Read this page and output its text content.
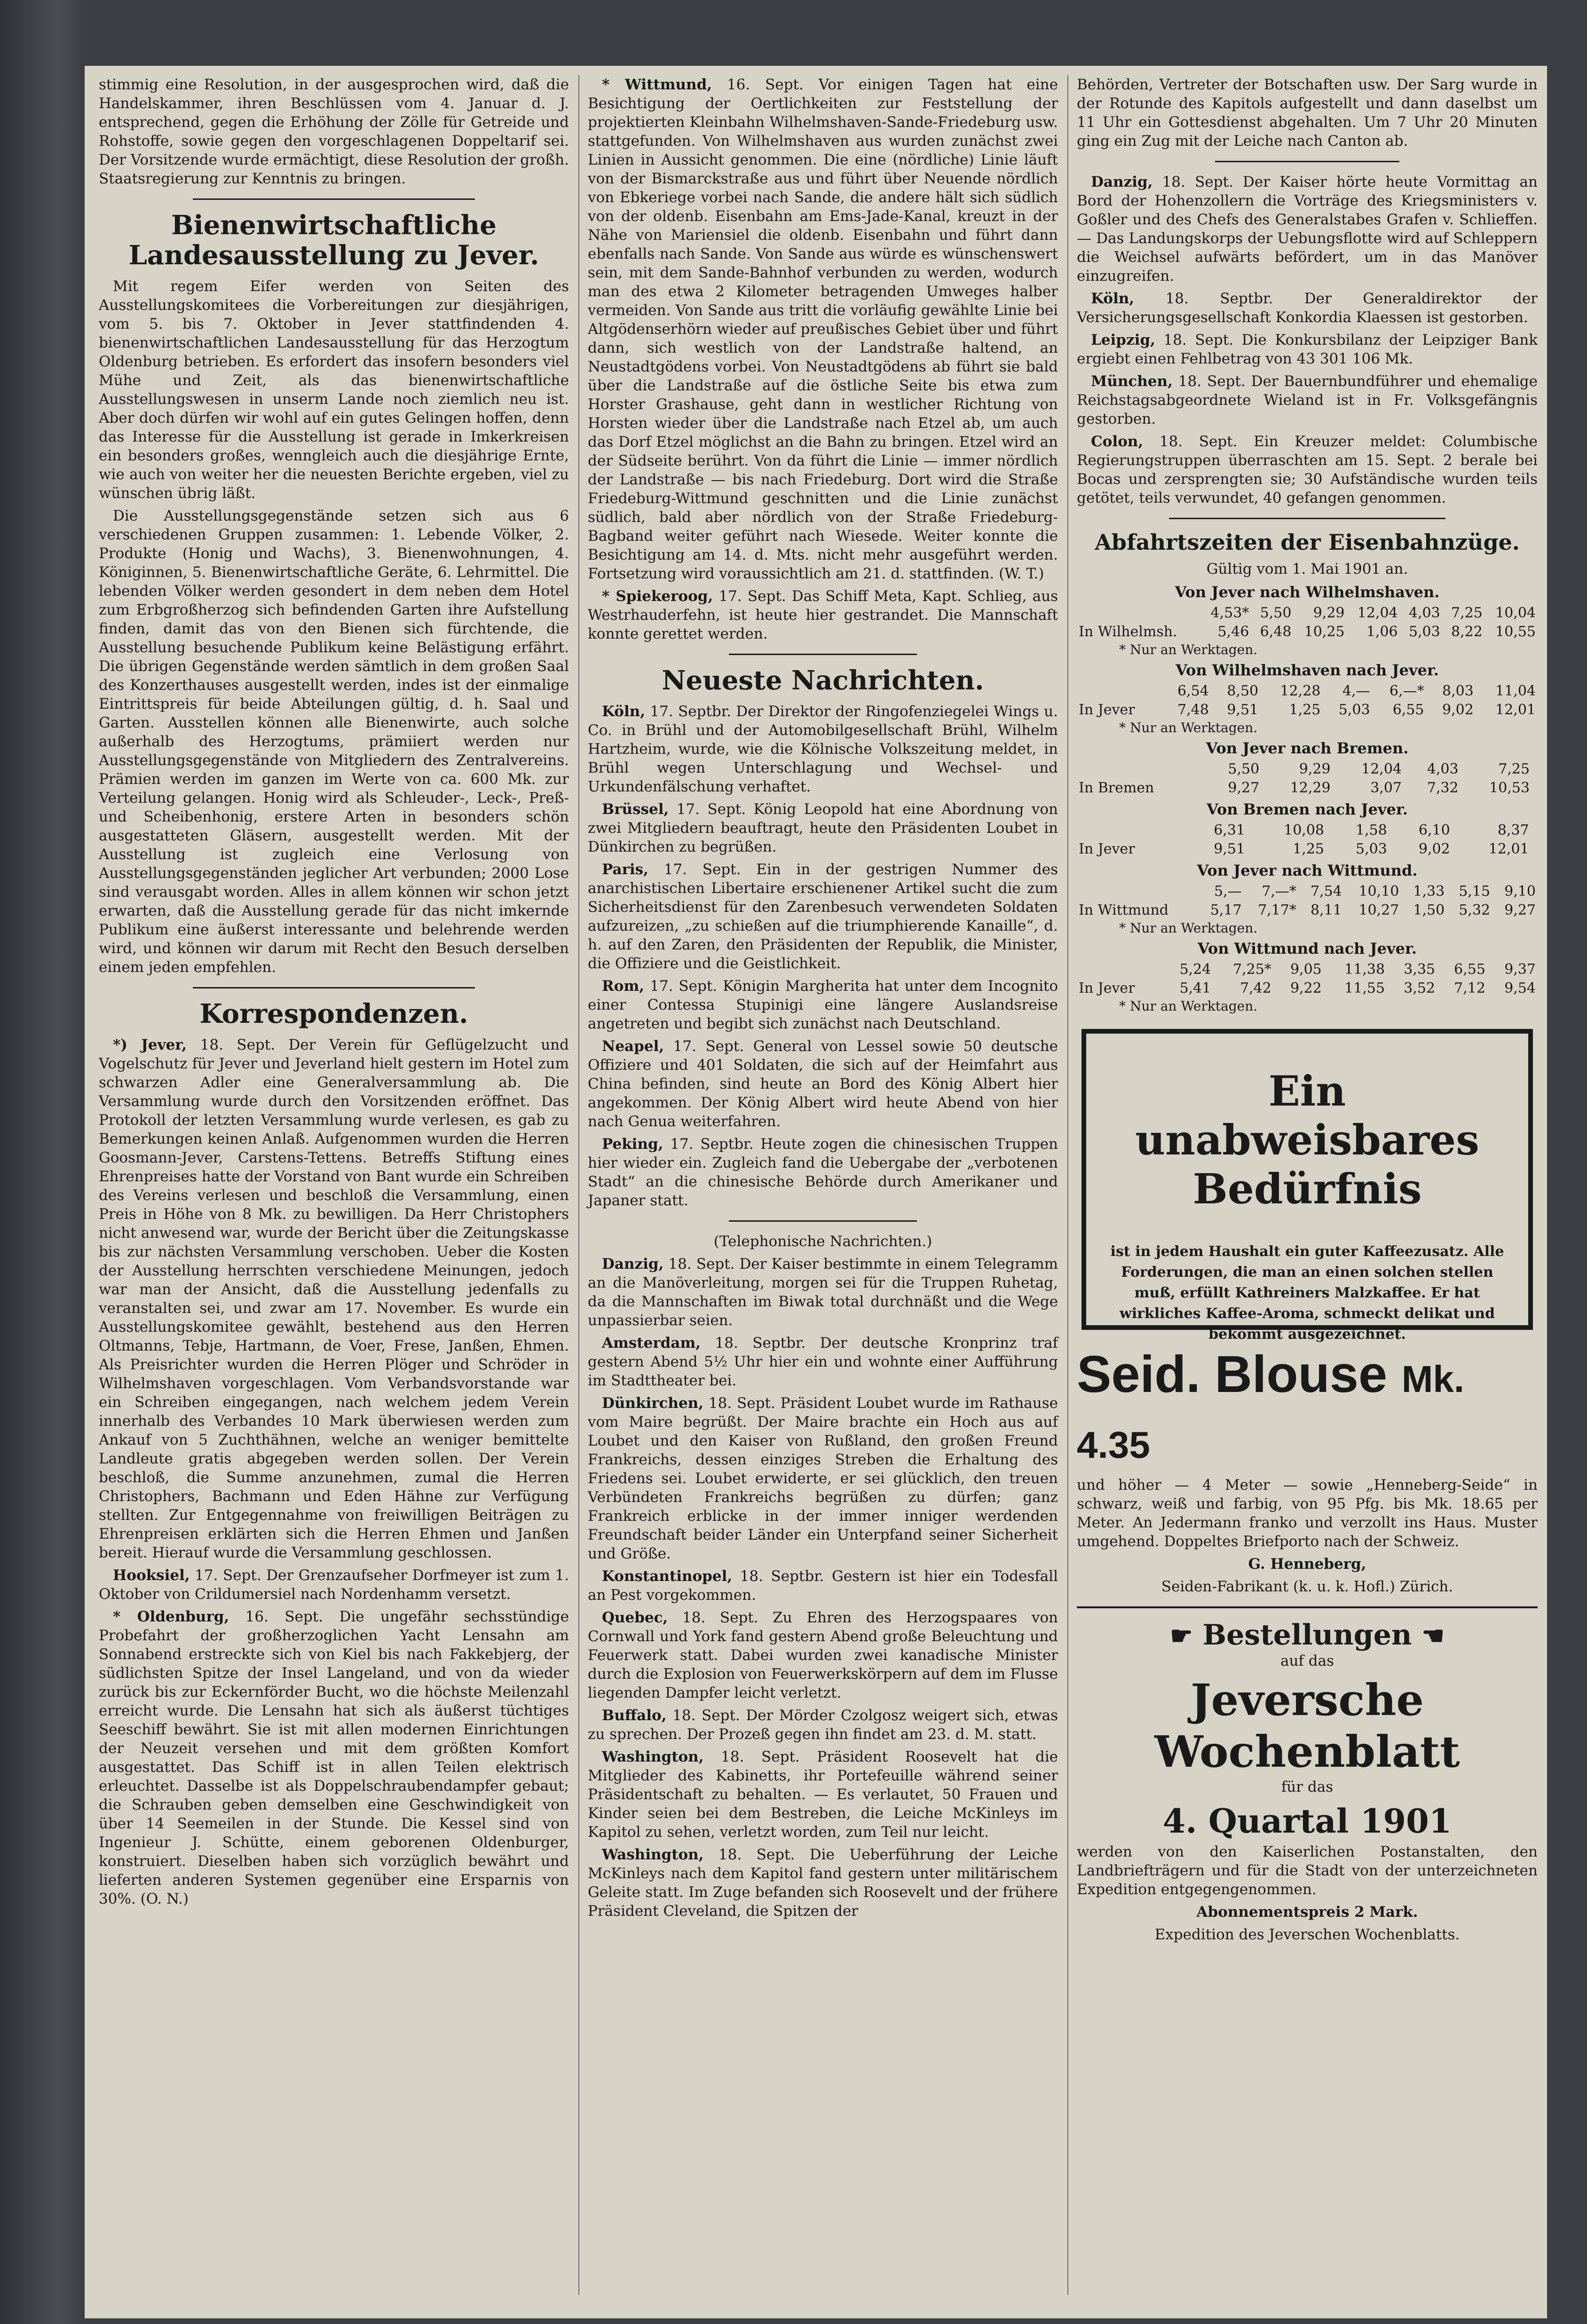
stimmig eine Resolution, in der ausgesprochen wird, daß die Handelskammer, ihren Beschlüssen vom 4. Januar d. J. entsprechend, gegen die Erhöhung der Zölle für Getreide und Rohstoffe, sowie gegen den vorgeschlagenen Doppeltarif sei. Der Vorsitzende wurde ermächtigt, diese Resolution der großh. Staatsregierung zur Kenntnis zu bringen.

Bienenwirtschaftliche Landesausstellung zu Jever.

Mit regem Eifer werden von Seiten des Ausstellungskomitees die Vorbereitungen zur diesjährigen, vom 5. bis 7. Oktober in Jever stattfindenden 4. bienenwirtschaftlichen Landesausstellung für das Herzogtum Oldenburg betrieben. Es erfordert das insofern besonders viel Mühe und Zeit, als das bienenwirtschaftliche Ausstellungswesen in unserm Lande noch ziemlich neu ist. Aber doch dürfen wir wohl auf ein gutes Gelingen hoffen, denn das Interesse für die Ausstellung ist gerade in Imkerkreisen ein besonders großes, wenngleich auch die diesjährige Ernte, wie auch von weiter her die neuesten Berichte ergeben, viel zu wünschen übrig läßt.

Die Ausstellungsgegenstände setzen sich aus 6 verschiedenen Gruppen zusammen: 1. Lebende Völker, 2. Produkte (Honig und Wachs), 3. Bienenwohnungen, 4. Königinnen, 5. Bienenwirtschaftliche Geräte, 6. Lehrmittel. Die lebenden Völker werden gesondert in dem neben dem Hotel zum Erbgroßherzog sich befindenden Garten ihre Aufstellung finden, damit das von den Bienen sich fürchtende, die Ausstellung besuchende Publikum keine Belästigung erfährt. Die übrigen Gegenstände werden sämtlich in dem großen Saal des Konzerthauses ausgestellt werden, indes ist der einmalige Eintrittspreis für beide Abteilungen gültig, d. h. Saal und Garten. Ausstellen können alle Bienenwirte, auch solche außerhalb des Herzogtums, prämiiert werden nur Ausstellungsgegenstände von Mitgliedern des Zentralvereins. Prämien werden im ganzen im Werte von ca. 600 Mk. zur Verteilung gelangen. Honig wird als Schleuder-, Leck-, Preß- und Scheibenhonig, erstere Arten in besonders schön ausgestatteten Gläsern, ausgestellt werden. Mit der Ausstellung ist zugleich eine Verlosung von Ausstellungsgegenständen jeglicher Art verbunden; 2000 Lose sind verausgabt worden. Alles in allem können wir schon jetzt erwarten, daß die Ausstellung gerade für das nicht imkernde Publikum eine äußerst interessante und belehrende werden wird, und können wir darum mit Recht den Besuch derselben einem jeden empfehlen.

Korrespondenzen.

*) Jever, 18. Sept. Der Verein für Geflügelzucht und Vogelschutz für Jever und Jeverland hielt gestern im Hotel zum schwarzen Adler eine Generalversammlung ab. Die Versammlung wurde durch den Vorsitzenden eröffnet. Das Protokoll der letzten Versammlung wurde verlesen, es gab zu Bemerkungen keinen Anlaß. Aufgenommen wurden die Herren Goosmann-Jever, Carstens-Tettens. Betreffs Stiftung eines Ehrenpreises hatte der Vorstand von Bant wurde ein Schreiben des Vereins verlesen und beschloß die Versammlung, einen Preis in Höhe von 8 Mk. zu bewilligen. Da Herr Christophers nicht anwesend war, wurde der Bericht über die Zeitungskasse bis zur nächsten Versammlung verschoben. Ueber die Kosten der Ausstellung herrschten verschiedene Meinungen, jedoch war man der Ansicht, daß die Ausstellung jedenfalls zu veranstalten sei, und zwar am 17. November. Es wurde ein Ausstellungskomitee gewählt, bestehend aus den Herren Oltmanns, Tebje, Hartmann, de Voer, Frese, Janßen, Ehmen. Als Preisrichter wurden die Herren Plöger und Schröder in Wilhelmshaven vorgeschlagen. Vom Verbandsvorstande war ein Schreiben eingegangen, nach welchem jedem Verein innerhalb des Verbandes 10 Mark überwiesen werden zum Ankauf von 5 Zuchthähnen, welche an weniger bemittelte Landleute gratis abgegeben werden sollen. Der Verein beschloß, die Summe anzunehmen, zumal die Herren Christophers, Bachmann und Eden Hähne zur Verfügung stellten. Zur Entgegennahme von freiwilligen Beiträgen zu Ehrenpreisen erklärten sich die Herren Ehmen und Janßen bereit. Hierauf wurde die Versammlung geschlossen.

Hooksiel, 17. Sept. Der Grenzaufseher Dorfmeyer ist zum 1. Oktober von Crildumersiel nach Nordenhamm versetzt.

* Oldenburg, 16. Sept. Die ungefähr sechsstündige Probefahrt der großherzoglichen Yacht Lensahn am Sonnabend erstreckte sich von Kiel bis nach Fakkebjerg, der südlichsten Spitze der Insel Langeland, und von da wieder zurück bis zur Eckernförder Bucht, wo die höchste Meilenzahl erreicht wurde. Die Lensahn hat sich als äußerst tüchtiges Seeschiff bewährt. Sie ist mit allen modernen Einrichtungen der Neuzeit versehen und mit dem größten Komfort ausgestattet. Das Schiff ist in allen Teilen elektrisch erleuchtet. Dasselbe ist als Doppelschraubendampfer gebaut; die Schrauben geben demselben eine Geschwindigkeit von über 14 Seemeilen in der Stunde. Die Kessel sind von Ingenieur J. Schütte, einem geborenen Oldenburger, konstruiert. Dieselben haben sich vorzüglich bewährt und lieferten anderen Systemen gegenüber eine Ersparnis von 30%. (O. N.)

* Wittmund, 16. Sept. Vor einigen Tagen hat eine Besichtigung der Oertlichkeiten zur Feststellung der projektierten Kleinbahn Wilhelmshaven-Sande-Friedeburg usw. stattgefunden. Von Wilhelmshaven aus wurden zunächst zwei Linien in Aussicht genommen. Die eine (nördliche) Linie läuft von der Bismarckstraße aus und führt über Neuende nördlich von Ebkeriege vorbei nach Sande, die andere hält sich südlich von der oldenb. Eisenbahn am Ems-Jade-Kanal, kreuzt in der Nähe von Mariensiel die oldenb. Eisenbahn und führt dann ebenfalls nach Sande. Von Sande aus würde es wünschenswert sein, mit dem Sande-Bahnhof verbunden zu werden, wodurch man des etwa 2 Kilometer betragenden Umweges halber vermeiden. Von Sande aus tritt die vorläufig gewählte Linie bei Altgödenserhörn wieder auf preußisches Gebiet über und führt dann, sich westlich von der Landstraße haltend, an Neustadtgödens vorbei. Von Neustadtgödens ab führt sie bald über die Landstraße auf die östliche Seite bis etwa zum Horster Grashause, geht dann in westlicher Richtung von Horsten wieder über die Landstraße nach Etzel ab, um auch das Dorf Etzel möglichst an die Bahn zu bringen. Etzel wird an der Südseite berührt. Von da führt die Linie — immer nördlich der Landstraße — bis nach Friedeburg. Dort wird die Straße Friedeburg-Wittmund geschnitten und die Linie zunächst südlich, bald aber nördlich von der Straße Friedeburg-Bagband weiter geführt nach Wiesede. Weiter konnte die Besichtigung am 14. d. Mts. nicht mehr ausgeführt werden. Fortsetzung wird voraussichtlich am 21. d. stattfinden. (W. T.)

* Spiekeroog, 17. Sept. Das Schiff Meta, Kapt. Schlieg, aus Westrhauderfehn, ist heute hier gestrandet. Die Mannschaft konnte gerettet werden.

Neueste Nachrichten.

Köln, 17. Septbr. Der Direktor der Ringofenziegelei Wings u. Co. in Brühl und der Automobilgesellschaft Brühl, Wilhelm Hartzheim, wurde, wie die Kölnische Volkszeitung meldet, in Brühl wegen Unterschlagung und Wechsel- und Urkundenfälschung verhaftet.

Brüssel, 17. Sept. König Leopold hat eine Abordnung von zwei Mitgliedern beauftragt, heute den Präsidenten Loubet in Dünkirchen zu begrüßen.

Paris, 17. Sept. Ein in der gestrigen Nummer des anarchistischen Libertaire erschienener Artikel sucht die zum Sicherheitsdienst für den Zarenbesuch verwendeten Soldaten aufzureizen, „zu schießen auf die triumphierende Kanaille“, d. h. auf den Zaren, den Präsidenten der Republik, die Minister, die Offiziere und die Geistlichkeit.

Rom, 17. Sept. Königin Margherita hat unter dem Incognito einer Contessa Stupinigi eine längere Auslandsreise angetreten und begibt sich zunächst nach Deutschland.

Neapel, 17. Sept. General von Lessel sowie 50 deutsche Offiziere und 401 Soldaten, die sich auf der Heimfahrt aus China befinden, sind heute an Bord des König Albert hier angekommen. Der König Albert wird heute Abend von hier nach Genua weiterfahren.

Peking, 17. Septbr. Heute zogen die chinesischen Truppen hier wieder ein. Zugleich fand die Uebergabe der „verbotenen Stadt“ an die chinesische Behörde durch Amerikaner und Japaner statt.

(Telephonische Nachrichten.)

Danzig, 18. Sept. Der Kaiser bestimmte in einem Telegramm an die Manöverleitung, morgen sei für die Truppen Ruhetag, da die Mannschaften im Biwak total durchnäßt und die Wege unpassierbar seien.

Amsterdam, 18. Septbr. Der deutsche Kronprinz traf gestern Abend 5½ Uhr hier ein und wohnte einer Aufführung im Stadttheater bei.

Dünkirchen, 18. Sept. Präsident Loubet wurde im Rathause vom Maire begrüßt. Der Maire brachte ein Hoch aus auf Loubet und den Kaiser von Rußland, den großen Freund Frankreichs, dessen einziges Streben die Erhaltung des Friedens sei. Loubet erwiderte, er sei glücklich, den treuen Verbündeten Frankreichs begrüßen zu dürfen; ganz Frankreich erblicke in der immer inniger werdenden Freundschaft beider Länder ein Unterpfand seiner Sicherheit und Größe.

Konstantinopel, 18. Septbr. Gestern ist hier ein Todesfall an Pest vorgekommen.

Quebec, 18. Sept. Zu Ehren des Herzogspaares von Cornwall und York fand gestern Abend große Beleuchtung und Feuerwerk statt. Dabei wurden zwei kanadische Minister durch die Explosion von Feuerwerkskörpern auf dem im Flusse liegenden Dampfer leicht verletzt.

Buffalo, 18. Sept. Der Mörder Czolgosz weigert sich, etwas zu sprechen. Der Prozeß gegen ihn findet am 23. d. M. statt.

Washington, 18. Sept. Präsident Roosevelt hat die Mitglieder des Kabinetts, ihr Portefeuille während seiner Präsidentschaft zu behalten. — Es verlautet, 50 Frauen und Kinder seien bei dem Bestreben, die Leiche McKinleys im Kapitol zu sehen, verletzt worden, zum Teil nur leicht.

Washington, 18. Sept. Die Ueberführung der Leiche McKinleys nach dem Kapitol fand gestern unter militärischem Geleite statt. Im Zuge befanden sich Roosevelt und der frühere Präsident Cleveland, die Spitzen der

Behörden, Vertreter der Botschaften usw. Der Sarg wurde in der Rotunde des Kapitols aufgestellt und dann daselbst um 11 Uhr ein Gottesdienst abgehalten. Um 7 Uhr 20 Minuten ging ein Zug mit der Leiche nach Canton ab.

Danzig, 18. Sept. Der Kaiser hörte heute Vormittag an Bord der Hohenzollern die Vorträge des Kriegsministers v. Goßler und des Chefs des Generalstabes Grafen v. Schlieffen. — Das Landungskorps der Uebungsflotte wird auf Schleppern die Weichsel aufwärts befördert, um in das Manöver einzugreifen.

Köln, 18. Septbr. Der Generaldirektor der Versicherungsgesellschaft Konkordia Klaessen ist gestorben.

Leipzig, 18. Sept. Die Konkursbilanz der Leipziger Bank ergiebt einen Fehlbetrag von 43 301 106 Mk.

München, 18. Sept. Der Bauernbundführer und ehemalige Reichstagsabgeordnete Wieland ist in Fr. Volksgefängnis gestorben.

Colon, 18. Sept. Ein Kreuzer meldet: Columbische Regierungstruppen überraschten am 15. Sept. 2 berale bei Bocas und zersprengten sie; 30 Aufständische wurden teils getötet, teils verwundet, 40 gefangen genommen.

Abfahrtszeiten der Eisenbahnzüge.

Gültig vom 1. Mai 1901 an.

Von Jever nach Wilhelmshaven.
	4,53*	5,50	9,29	12,04	4,03	7,25	10,04
In Wilhelmsh.	5,46	6,48	10,25	1,06	5,03	8,22	10,55
* Nur an Werktagen.
Von Wilhelmshaven nach Jever.
	6,54	8,50	12,28	4,—	6,—*	8,03	11,04
In Jever	7,48	9,51	1,25	5,03	6,55	9,02	12,01
* Nur an Werktagen.
Von Jever nach Bremen.
	5,50	9,29	12,04	4,03	7,25	
In Bremen	9,27	12,29	3,07	7,32	10,53	
Von Bremen nach Jever.
	6,31	10,08	1,58	6,10	8,37	
In Jever	9,51	1,25	5,03	9,02	12,01	
Von Jever nach Wittmund.
	5,—	7,—*	7,54	10,10	1,33	5,15	9,10
In Wittmund	5,17	7,17*	8,11	10,27	1,50	5,32	9,27
* Nur an Werktagen.
Von Wittmund nach Jever.
	5,24	7,25*	9,05	11,38	3,35	6,55	9,37
In Jever	5,41	7,42	9,22	11,55	3,52	7,12	9,54
* Nur an Werktagen.
Ein unabweisbares Bedürfnis
ist in jedem Haushalt ein guter Kaffeezusatz. Alle Forderungen, die man an einen solchen stellen muß, erfüllt Kathreiners Malzkaffee. Er hat wirkliches Kaffee-Aroma, schmeckt delikat und bekommt ausgezeichnet.
Seid. Blouse Mk. 4.35

und höher — 4 Meter — sowie „Henneberg-Seide“ in schwarz, weiß und farbig, von 95 Pfg. bis Mk. 18.65 per Meter. An Jedermann franko und verzollt ins Haus. Muster umgehend. Doppeltes Briefporto nach der Schweiz.

G. Henneberg,

Seiden-Fabrikant (k. u. k. Hofl.) Zürich.

☛ Bestellungen ☚

auf das

Jeversche Wochenblatt

für das

4. Quartal 1901

werden von den Kaiserlichen Postanstalten, den Landbriefträgern und für die Stadt von der unterzeichneten Expedition entgegengenommen.

Abonnementspreis 2 Mark.

Expedition des Jeverschen Wochenblatts.
